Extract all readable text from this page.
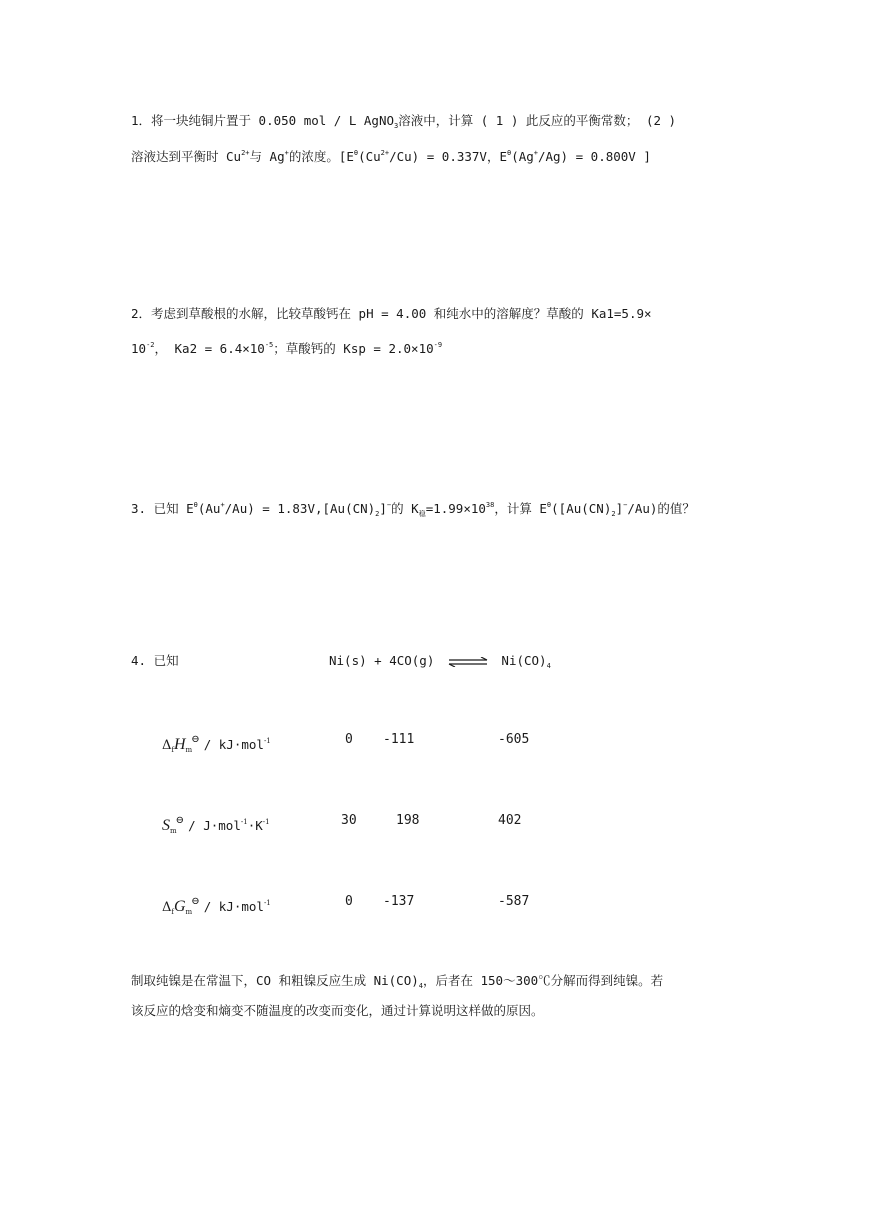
1．将一块纯铜片置于 0.050 mol / L AgNO$_3$溶液中，计算 ( 1 ) 此反应的平衡常数； (2 )
溶液达到平衡时 $Cu^{2+}$与 Ag+的浓度。[$E^\theta(Cu^{2+}/Cu) = 0.337V$，$E^\theta(Ag^+/Ag) = 0.800V$ ]
2．考虑到草酸根的水解，比较草酸钙在 pH = 4.00 和纯水中的溶解度？草酸的 Ka1=5.9×
$10^{-2}$， $Ka2 = 6.4\times 10^{-5}$；草酸钙的 Ksp = $2.0\times 10^{-9}$
3. 已知 $E^\theta(Au^+/Au) = 1.83V,[Au(CN)_2]^-$的 $K_稳=1.99\times 10^{38}$，计算 $E^\theta([Au(CN)_2]^-/Au)$的值？
4. 已知	Ni(s) + 4CO(g) ⇌ $Ni(CO)_4$
$\Delta_fH_m^⊖ / kJ\cdot mol^{-1}$	0 -111	-605
$S_m^⊖ / J\cdot mol^{-1}\cdot K^{-1}$	30	198	402
$\Delta_fG_m^⊖ / kJ\cdot mol^{-1}$	0 -137	-587
制取纯镍是在常温下，CO 和粗镍反应生成 $Ni(CO)_4$，后者在 150～300℃分解而得到纯镍。若
该反应的焓变和熵变不随温度的改变而变化，通过计算说明这样做的原因。
